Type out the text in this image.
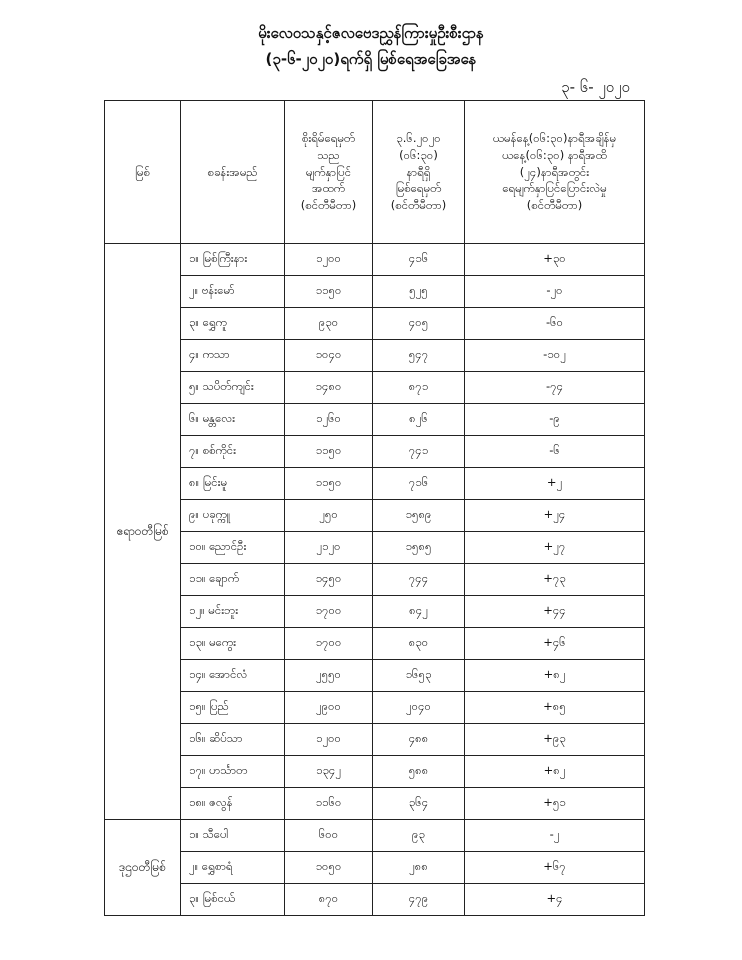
မိုးလေဝသနှင့်ဇလဗေဒညွှန်ကြားမှုဦးစီးဌာန
(၃-၆-၂၀၂၀)ရက်ရှိ မြစ်ရေအခြေအနေ
၃- ၆- ၂၀၂၀
မြစ်	စခန်းအမည်	စိုးရိမ်ရေမှတ်
သည
မျက်နှာပြင်
အထက်
(စင်တီမီတာ)	၃.၆.၂၀၂၀
(၀၆:၃၀)
နာရီရှိ
မြစ်ရေမှတ်
(စင်တီမီတာ)	ယမန်နေ့(၀၆:၃၀)နာရီအချိန်မှ
ယနေ့(၀၆:၃၀) နာရီအထိ
(၂၄)နာရီအတွင်း
ရေမျက်နှာပြင်ပြောင်းလဲမှု
(စင်တီမီတာ)

ဧရာဝတီမြစ်	၁။ မြစ်ကြီးနား	၁၂၀၀	၄၁၆	+၃၀
	၂။ ဗန်းမော်	၁၁၅၀	၅၂၅	-၂၀
	၃။ ရွှေကူ	၉၃၀	၄၀၅	-၆၀
	၄။ ကသာ	၁၀၄၀	၅၄၇	-၁၀၂
	၅။ သပိတ်ကျင်း	၁၄၈၀	၈၇၁	-၇၄
	၆။ မန္တလေး	၁၂၆၀	၈၂၆	-၉
	၇။ စစ်ကိုင်း	၁၁၅၀	၇၄၁	-၆
	၈။ မြင်းမူ	၁၁၅၀	၇၁၆	+၂
	၉။ ပခုက္ကူ	၂၅၀	၁၅၈၉	+၂၄
	၁၀။ ညောင်ဦး	၂၁၂၀	၁၅၈၅	+၂၇
	၁၁။ ချောက်	၁၄၅၀	၇၄၄	+၇၃
	၁၂။ မင်းဘူး	၁၇၀၀	၈၄၂	+၄၄
	၁၃။ မကွေး	၁၇၀၀	၈၃၀	+၄၆
	၁၄။ အောင်လံ	၂၅၅၀	၁၆၅၃	+၈၂
	၁၅။ ပြည်	၂၉၀၀	၂၀၄၀	+၈၅
	၁၆။ ဆိပ်သာ	၁၂၀၀	၄၈၈	+၉၃
	၁၇။ ဟင်္သာတ	၁၃၄၂	၅၈၈	+၈၂
	၁၈။ ဇလွန်	၁၁၆၀	၃၆၄	+၅၁
ဒုဌ၀တီမြစ်	၁။ သီပေါ	၆၀၀	၉၃	-၂
	၂။ ရွှေစာရံ	၁၀၅၀	၂၈၈	+၆၇
	၃။ မြစ်ငယ်	၈၇၀	၄၇၉	+၄
